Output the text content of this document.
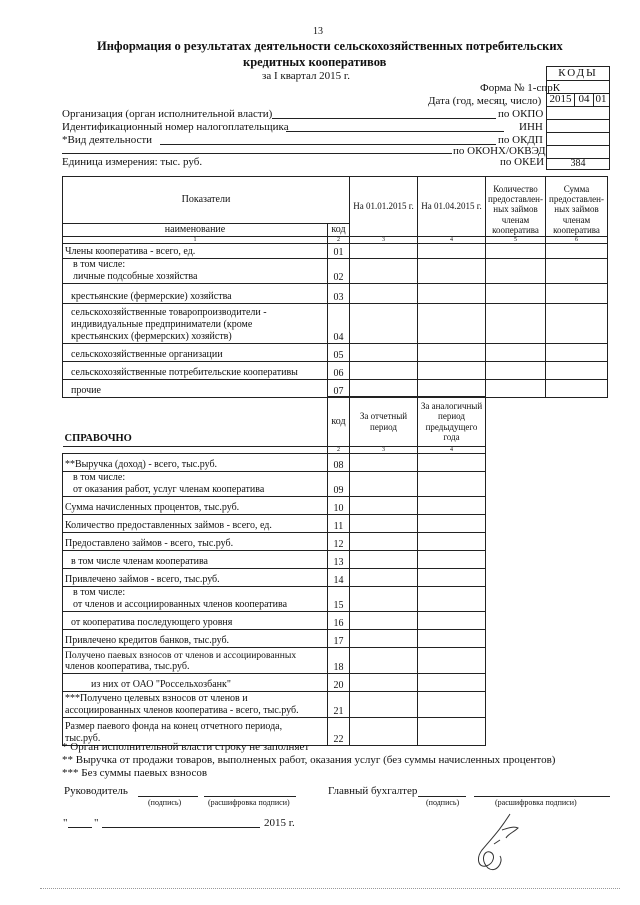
13
Информация о результатах деятельности сельскохозяйственных потребительских
кредитных кооперативов
за I квартал 2015 г.	КОДЫ
2015 04 01
384
Форма № 1-спрК
Дата (год, месяц, число)
Организация (орган исполнительной власти)	по ОКПО
Идентификационный номер налогоплательщика	ИНН
*Вид деятельности	по ОКДП
по ОКОНХ/ОКВЭД
Единица измерения: тыс. руб.	по ОКЕИ
Показатели		На 01.01.2015 г.	На 01.04.2015 г.	Количество предоставлен-ных займов членам кооператива	Сумма предоставлен-ных займов членам кооператива
наименование	код				
1	2	3	4	5	6
Члены кооператива - всего, ед.	01				

в том числе:
личные подсобные хозяйства	02				
крестьянские (фермерские) хозяйства	03				

сельскохозяйственные товаропроизводители -
индивидуальные предприниматели (кроме
крестьянских (фермерских) хозяйств)	04				
сельскохозяйственные организации	05				
сельскохозяйственные потребительские кооперативы	06				
прочие	07				
СПРАВОЧНО	код	За отчетный период	За аналогичный период предыдущего года
	2	3	4
**Выручка (доход) - всего, тыс.руб.	08		

в том числе:
от оказания работ, услуг членам кооператива	09		
Сумма начисленных процентов, тыс.руб.	10		
Количество предоставленных займов - всего, ед.	11		
Предоставлено займов - всего, тыс.руб.	12		
в том числе членам кооператива	13		
Привлечено займов - всего, тыс.руб.	14		

в том числе:
от членов и ассоциированных членов кооператива	15		
от кооператива последующего уровня	16		
Привлечено кредитов банков, тыс.руб.	17		

Получено паевых взносов от членов и ассоциированных
членов кооператива, тыс.руб.	18		
из них от ОАО "Россельхозбанк"	20		

***Получено целевых взносов от членов и
ассоциированных членов кооператива - всего, тыс.руб.	21		

Размер паевого фонда на конец отчетного периода,
тыс.руб.	22		
* Орган исполнительной власти строку не заполняет
** Выручка от продажи товаров, выполненых работ, оказания услуг (без суммы начисленных процентов)
*** Без суммы паевых взносов
Руководитель
(подпись)	(расшифровка подписи)
Главный бухгалтер
(подпись)	(расшифровка подписи)
" "	2015 г.
